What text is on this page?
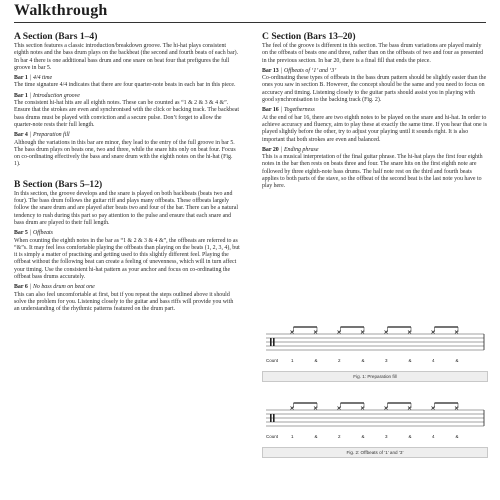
Walkthrough
A Section (Bars 1–4)

This section features a classic introduction/breakdown groove. The hi-hat plays consistent eighth notes and the bass drum plays on the backbeat (the second and fourth beats of each bar). In bar 4 there is one additional bass drum and one snare on beat four that prefigures the full groove in bar 5.

Bar 1 | 4/4 time

The time signature 4/4 indicates that there are four quarter-note beats in each bar in this piece.

Bar 1 | Introduction groove

The consistent hi-hat hits are all eighth notes. These can be counted as “1 & 2 & 3 & 4 &”. Ensure that the strokes are even and synchronised with the click or backing track. The backbeat bass drums must be played with conviction and a secure pulse. Don’t forget to allow the quarter-note rests their full length.

Bar 4 | Preparation fill

Although the variations in this bar are minor, they lead to the entry of the full groove in bar 5. The bass drum plays on beats one, two and three, while the snare hits only on beat four. Focus on co-ordinating effectively the bass and snare drum with the eighth notes on the hi-hat (Fig. 1).

B Section (Bars 5–12)

In this section, the groove develops and the snare is played on both backbeats (beats two and four). The bass drum follows the guitar riff and plays many offbeats. These offbeats largely follow the snare drum and are played after beats two and four of the bar. There can be a natural tendency to rush during this part so pay attention to the pulse and ensure that each snare and bass drum are played to their full length.

Bar 5 | Offbeats

When counting the eighth notes in the bar as “1 & 2 & 3 & 4 &”, the offbeats are referred to as “&”s. It may feel less comfortable playing the offbeats than playing on the beats (1, 2, 3, 4), but it is simply a matter of practising and getting used to this slightly different feel. Playing the offbeat without the following beat can create a feeling of unevenness, which will in turn affect your timing. Use the consistent hi-hat pattern as your anchor and focus on co-ordinating the offbeat bass drums accurately.

Bar 6 | No bass drum on beat one

This can also feel uncomfortable at first, but if you repeat the steps outlined above it should solve the problem for you. Listening closely to the guitar and bass riffs will provide you with an understanding of the rhythmic patterns featured on the drum part.

C Section (Bars 13–20)

The feel of the groove is different in this section. The bass drum variations are played mainly on the offbeats of beats one and three, rather than on the offbeats of two and four as presented in the previous section. In bar 20, there is a final fill that ends the piece.

Bar 13 | Offbeats of ‘1’ and ‘3’

Co-ordinating these types of offbeats in the bass drum pattern should be slightly easier than the ones you saw in section B. However, the concept should be the same and you need to focus on accuracy and timing. Listening closely to the guitar parts should assist you in playing with good synchronisation to the backing track (Fig. 2).

Bar 16 | Togetherness

At the end of bar 16, there are two eighth notes to be played on the snare and hi-hat. In order to achieve accuracy and fluency, aim to play these at exactly the same time. If you hear that one is played slightly before the other, try to adjust your playing until it sounds right. It is also important that both strokes are even and balanced.

Bar 20 | Ending phrase

This is a musical interpretation of the final guitar phrase. The hi-hat plays the first four eighth notes in the bar then rests on beats three and four. The snare hits on the first eighth note are followed by three eighth-note bass drums. The half note rest on the third and fourth beats applies to both parts of the stave, so the offbeat of the second beat is the last note you have to play here.

Count	1	&	2	&	3	&	4	&
Fig. 1: Preparation fill
Count	1	&	2	&	3	&	4	&
Fig. 2: Offbeats of ‘1’ and ‘3’
